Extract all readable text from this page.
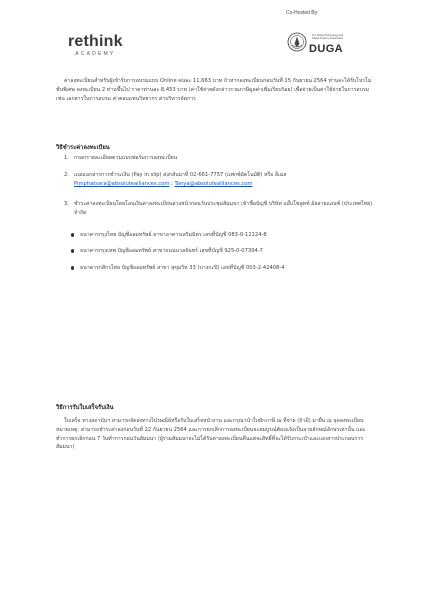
rethink
ACADEMY
Co-Hosted By:
The Digital Technology and Digital Industry Association
DUGA
ค่าลงทะเบียนสำหรับผู้เข้ารับการอบรมแบบ Online คนละ 11,663 บาท ถ้าหากลงทะเบียนก่อนวันที่ 15 กันยายน 2564 ท่านจะได้รับโปรโมชั่นพิเศษ ลงทะเบียน 2 ท่านขึ้นไป ราคาท่านละ 8,453 บาท (ค่าใช้จ่ายดังกล่าวรวมภาษีมูลค่าเพิ่มเรียบร้อย) เพื่อจ่ายเป็นค่าใช้จ่ายในการอบรม เช่น เอกสารในการอบรม ค่าตอบแทนวิทยากร ค่าบริหารจัดการ
วิธีชำระค่าลงทะเบียน
1. กรอกรายละเอียดตามแบบฟอร์มการลงทะเบียน
2. แนบเอกสารการชำระเงิน (Pay in slip) ส่งกลับมาที่ 02-661-7757 (แฟกซ์อัตโนมัติ) หรือ อีเมล
Pimphatsara@absolutealliances.com ; Tanya@absolutealliances.com
3. ชำระค่าลงทะเบียนโดยโอนเงินค่าลงทะเบียนล่วงหน้าก่อนวันประชุมสัมมนา เข้าชื่อบัญชี บริษัท แอ๊บโซลูทท์ อัลลายแอนซ์ (ประเทศไทย) จำกัด
ธนาคารกรุงไทย บัญชีออมทรัพย์ สาขาอาคารเสริมมิตร เลขที่บัญชี 083-0-12124-8
ธนาคารกรุงเทพ บัญชีออมทรัพย์ สาขาถนนนวลจันทร์ เลขที่บัญชี 925-0-07304-7
ธนาคารกสิกรไทย บัญชีออมทรัพย์ สาขา สุขุมวิท 33 (บางกะปิ) เลขที่บัญชี 003-2-42408-4
วิธีการรับใบเสร็จรับเงิน
ใบเสร็จ ทางสถาบันฯ สามารถจัดส่งทางไปรษณีย์หรือรับใบเสร็จหน้างาน และกรุณานำใบหักภาษี ณ ที่จ่าย (ถ้ามี) มายื่น ณ จุดลงทะเบียน หมายเหตุ: สามารถชำระค่าลงก่อนวันที่ 22 กันยายน 2564 และการยกเลิกการลงทะเบียนจะสมบูรณ์ต้องแจ้งเป็นลายลักษณ์อักษรเท่านั้น และทำการยกเลิกก่อน 7 วันทำการก่อนวันสัมมนา (ผู้ร่วมสัมมนาจะไม่ได้รับค่าลงทะเบียนคืนแต่จะสิทธิ์ที่จะได้รับกระเป๋าและเอกสารประกอบการสัมมนา)
